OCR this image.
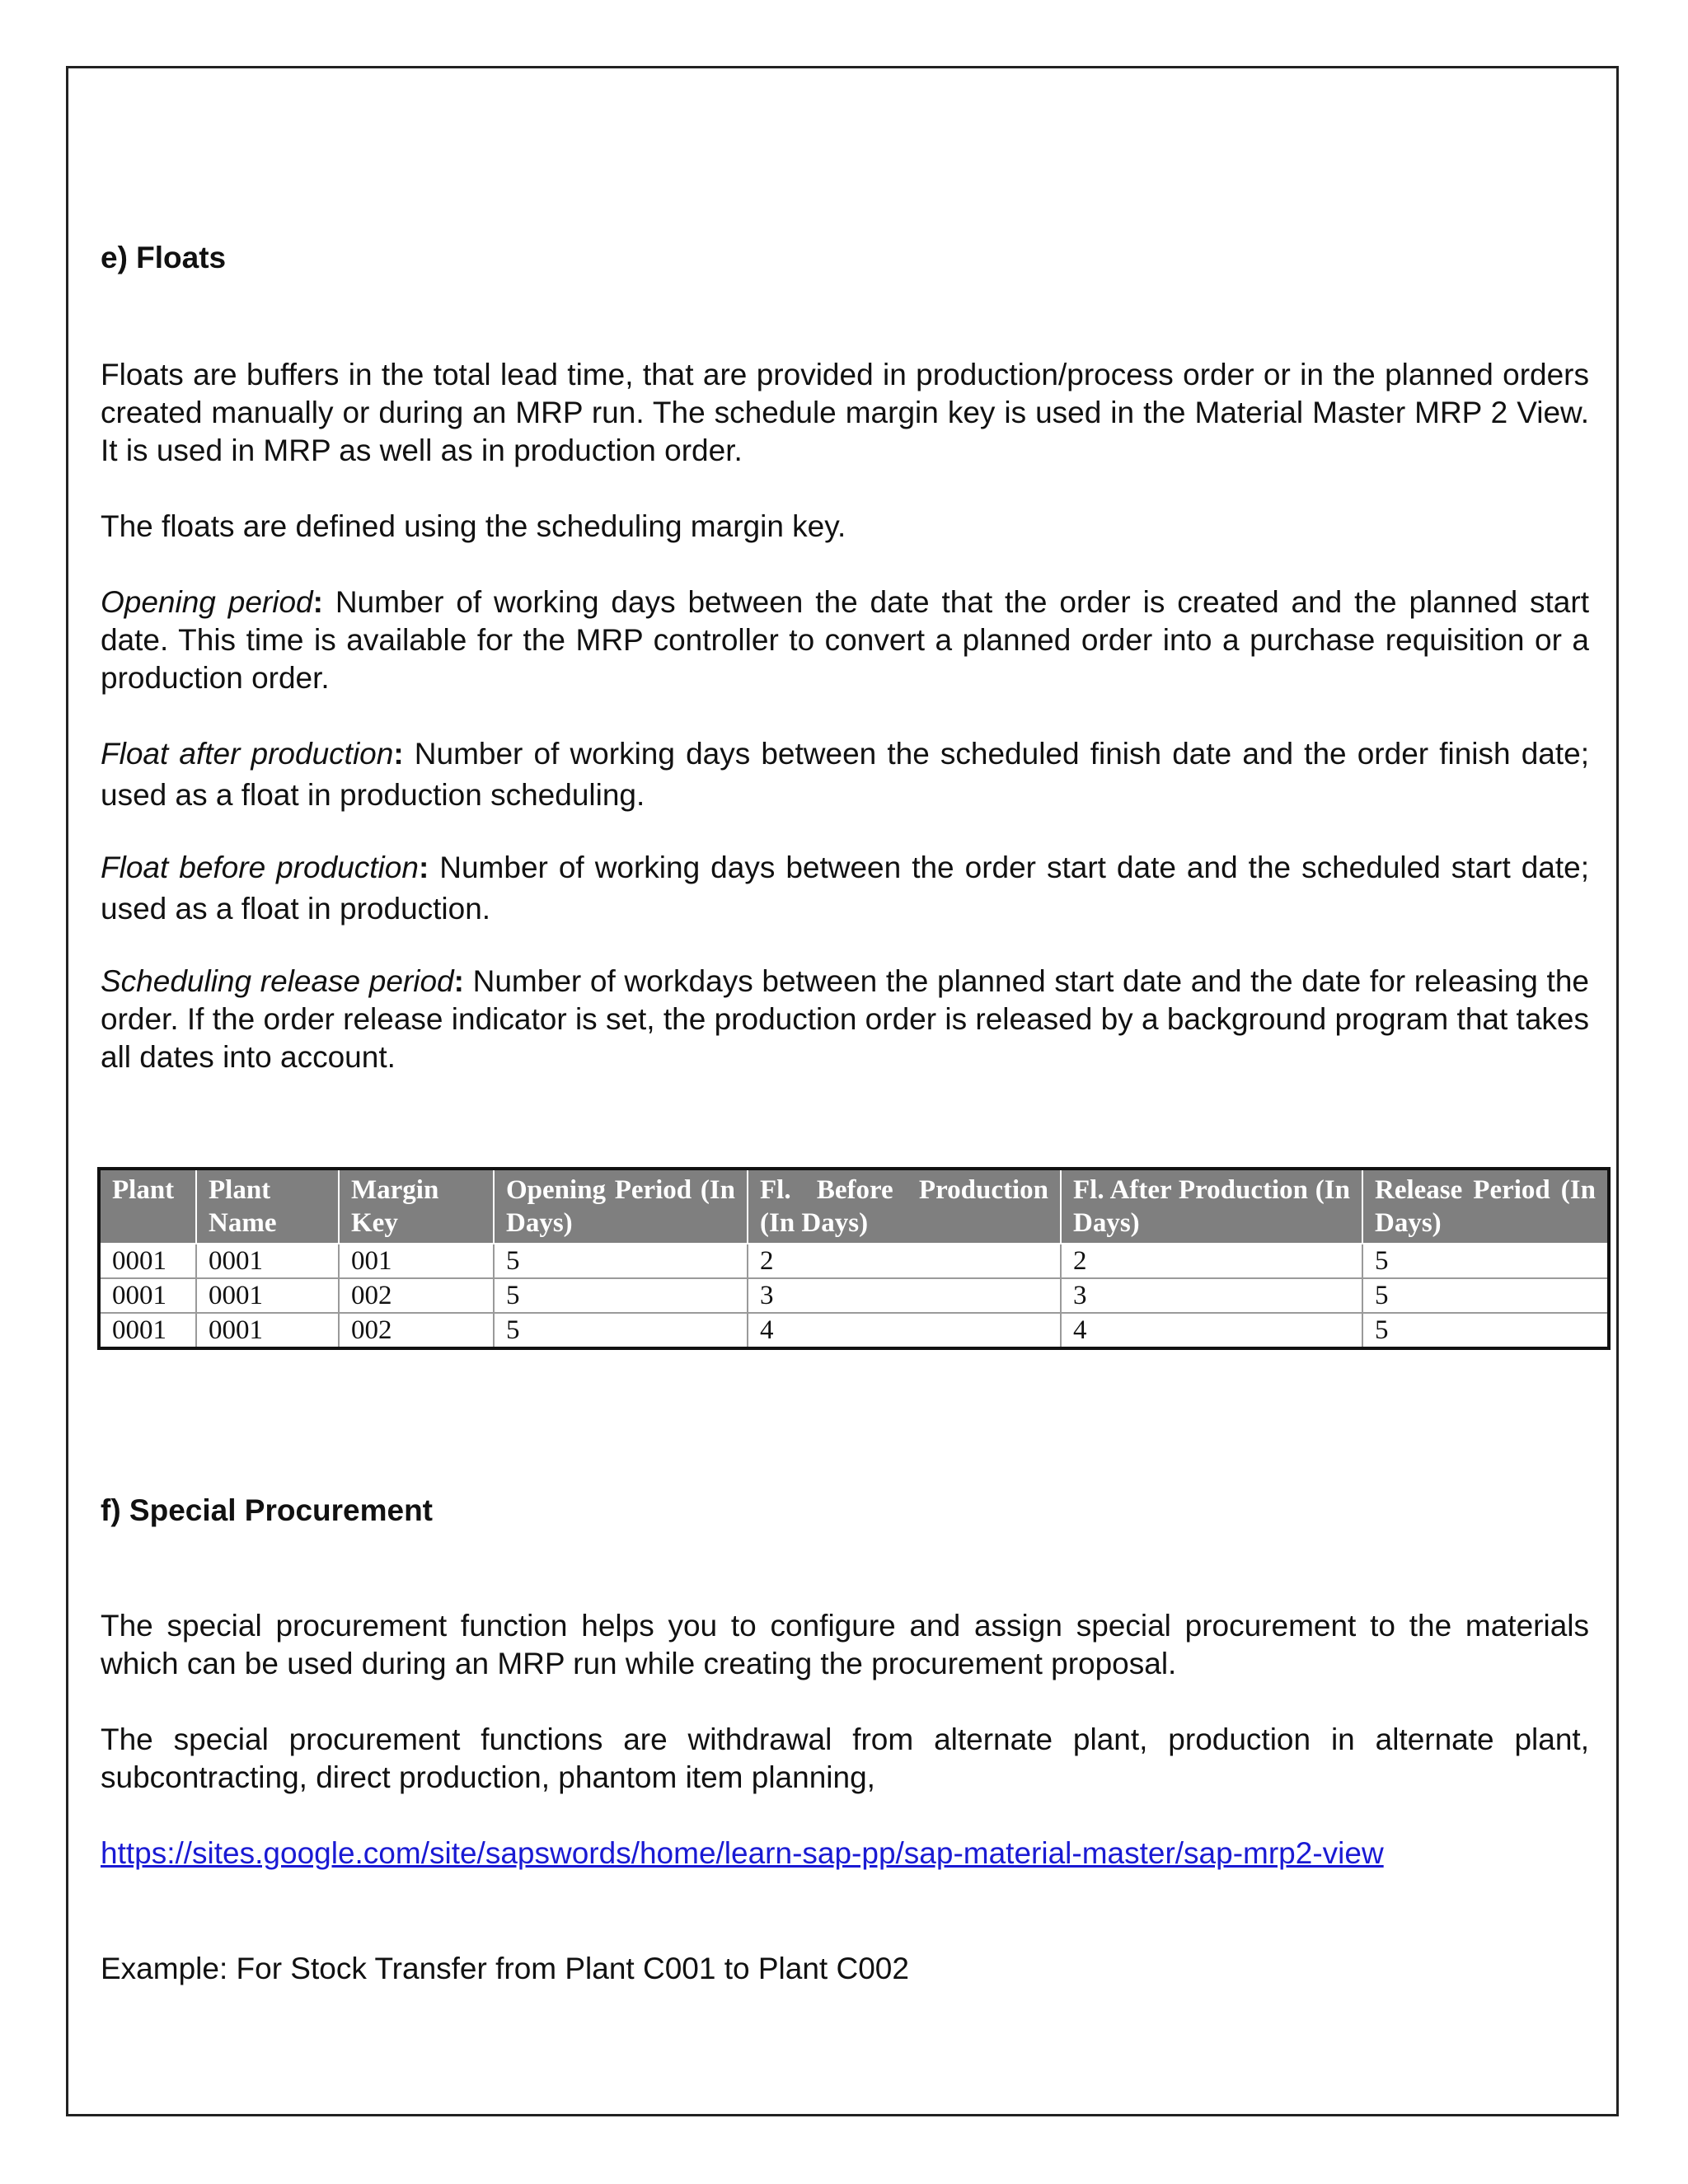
e) Floats

Floats are buffers in the total lead time, that are provided in production/process order or in the planned orders created manually or during an MRP run. The schedule margin key is used in the Material Master MRP 2 View. It is used in MRP as well as in production order.

The floats are defined using the scheduling margin key.

Opening period: Number of working days between the date that the order is created and the planned start date. This time is available for the MRP controller to convert a planned order into a purchase requisition or a production order.

Float after production: Number of working days between the scheduled finish date and the order finish date; used as a float in production scheduling.

Float before production: Number of working days between the order start date and the scheduled start date; used as a float in production.

Scheduling release period: Number of workdays between the planned start date and the date for releasing the order. If the order release indicator is set, the production order is released by a background program that takes all dates into account.

f) Special Procurement

The special procurement function helps you to configure and assign special procurement to the materials which can be used during an MRP run while creating the procurement proposal.

The special procurement functions are withdrawal from alternate plant, production in alternate plant, subcontracting, direct production, phantom item planning,

https://sites.google.com/site/sapswords/home/learn-sap-pp/sap-material-master/sap-mrp2-view

Example: For Stock Transfer from Plant C001 to Plant C002

Plant	Plant Name	Margin Key	Opening Period (In Days)	Fl. Before Production (In Days)	Fl. After Production (In Days)	Release Period (In Days)
0001	0001	001	5	2	2	5
0001	0001	002	5	3	3	5
0001	0001	002	5	4	4	5
